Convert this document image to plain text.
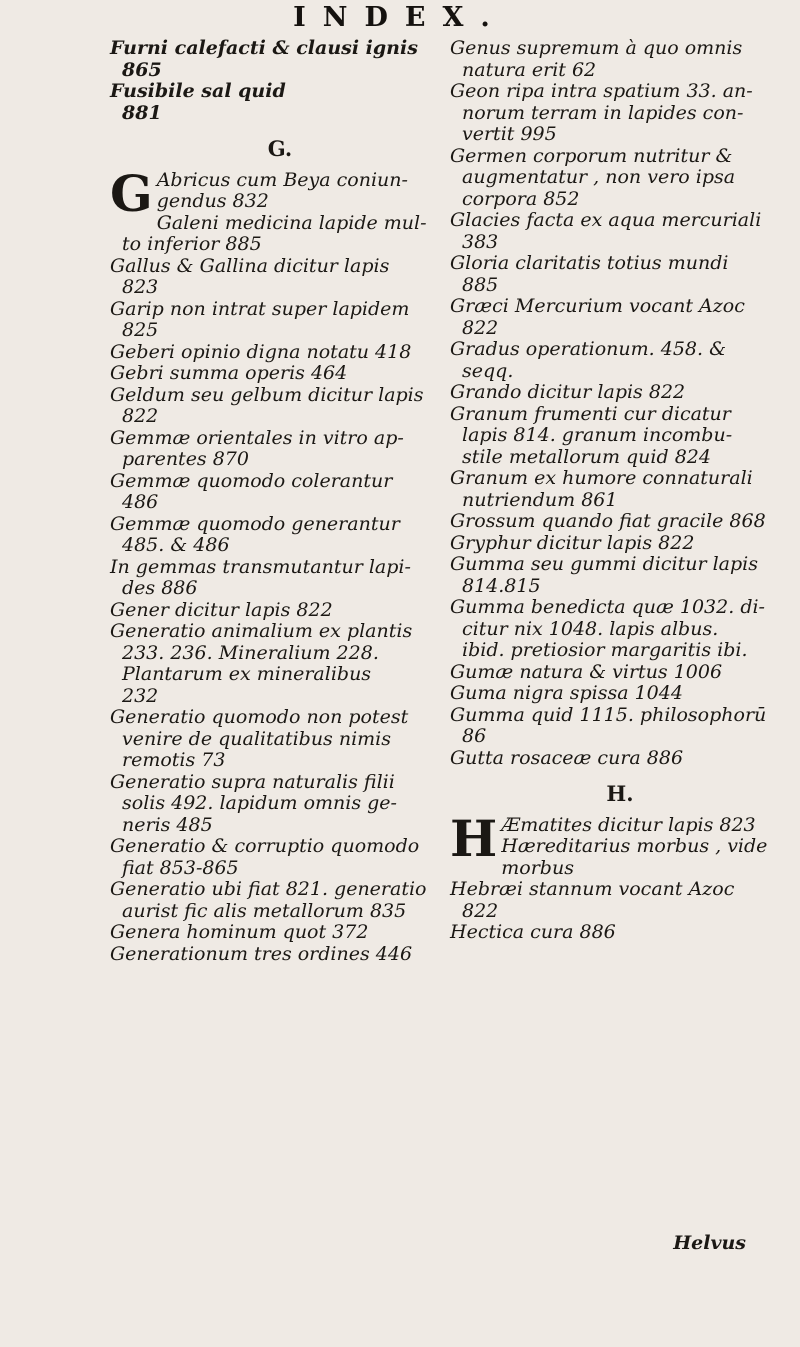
INDEX.
Furni calefacti & clausi ignis
865
Fusibile sal quid
881
G.
G Abricus cum Beya coniun-
gendus 832
Galeni medicina lapide mul-
to inferior 885
Gallus & Gallina dicitur lapis
823
Garip non intrat super lapidem
825
Geberi opinio digna notatu 418
Gebri summa operis 464
Geldum seu gelbum dicitur lapis
822
Gemmæ orientales in vitro ap-
parentes 870
Gemmæ quomodo colerantur
486
Gemmæ quomodo generantur
485. & 486
In gemmas transmutantur lapi-
des 886
Gener dicitur lapis 822
Generatio animalium ex plantis
233. 236. Mineralium 228.
Plantarum ex mineralibus
232
Generatio quomodo non potest
venire de qualitatibus nimis
remotis 73
Generatio supra naturalis filii
solis 492. lapidum omnis ge-
neris 485
Generatio & corruptio quomodo
fiat 853-865
Generatio ubi fiat 821. generatio
aurist fic alis metallorum 835
Genera hominum quot 372
Generationum tres ordines 446
Genus supremum à quo omnis
natura erit 62
Geon ripa intra spatium 33. an-
norum terram in lapides con-
vertit 995
Germen corporum nutritur &
augmentatur , non vero ipsa
corpora 852
Glacies facta ex aqua mercuriali
383
Gloria claritatis totius mundi
885
Græci Mercurium vocant Azoc
822
Gradus operationum. 458. &
seqq.
Grando dicitur lapis 822
Granum frumenti cur dicatur
lapis 814. granum incombu-
stile metallorum quid 824
Granum ex humore connaturali
nutriendum 861
Grossum quando fiat gracile 868
Gryphur dicitur lapis 822
Gumma seu gummi dicitur lapis
814.815
Gumma benedicta quæ 1032. di-
citur nix 1048. lapis albus.
ibid. pretiosior margaritis ibi.
Gumæ natura & virtus 1006
Guma nigra spissa 1044
Gumma quid 1115. philosophorū
86
Gutta rosaceæ cura 886
H.
H Æmatites dicitur lapis 823
Hæreditarius morbus , vide
morbus
Hebræi stannum vocant Azoc
822
Hectica cura 886
Helvus
